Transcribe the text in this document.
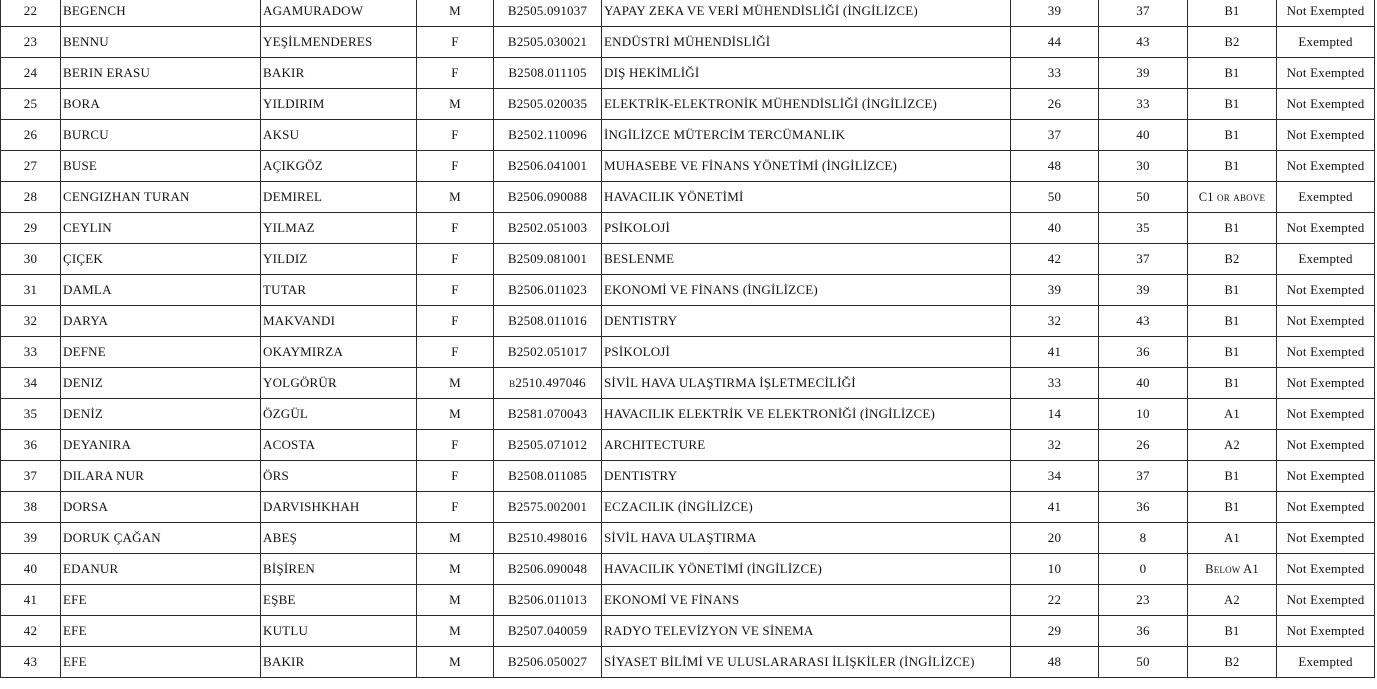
22	BEGENCH	AGAMURADOW	M	B2505.091037	YAPAY ZEKA VE VERİ MÜHENDİSLİĞİ (İNGİLİZCE)	39	37	B1	Not Exempted
23	BENNU	YEŞİLMENDERES	F	B2505.030021	ENDÜSTRİ MÜHENDİSLİĞİ	44	43	B2	Exempted
24	BERIN ERASU	BAKIR	F	B2508.011105	DIŞ HEKİMLİĞİ	33	39	B1	Not Exempted
25	BORA	YILDIRIM	M	B2505.020035	ELEKTRİK-ELEKTRONİK MÜHENDİSLİĞİ (İNGİLİZCE)	26	33	B1	Not Exempted
26	BURCU	AKSU	F	B2502.110096	İNGİLİZCE MÜTERCİM TERCÜMANLIK	37	40	B1	Not Exempted
27	BUSE	AÇIKGÖZ	F	B2506.041001	MUHASEBE VE FİNANS YÖNETİMİ (İNGİLİZCE)	48	30	B1	Not Exempted
28	CENGIZHAN TURAN	DEMIREL	M	B2506.090088	HAVACILIK YÖNETİMİ	50	50	C1 or above	Exempted
29	CEYLIN	YILMAZ	F	B2502.051003	PSİKOLOJİ	40	35	B1	Not Exempted
30	ÇIÇEK	YILDIZ	F	B2509.081001	BESLENME	42	37	B2	Exempted
31	DAMLA	TUTAR	F	B2506.011023	EKONOMİ VE FİNANS (İNGİLİZCE)	39	39	B1	Not Exempted
32	DARYA	MAKVANDI	F	B2508.011016	DENTISTRY	32	43	B1	Not Exempted
33	DEFNE	OKAYMIRZA	F	B2502.051017	PSİKOLOJİ	41	36	B1	Not Exempted
34	DENIZ	YOLGÖRÜR	M	b2510.497046	SİVİL HAVA ULAŞTIRMA İŞLETMECİLİĞİ	33	40	B1	Not Exempted
35	DENİZ	ÖZGÜL	M	B2581.070043	HAVACILIK ELEKTRİK VE ELEKTRONİĞİ (İNGİLİZCE)	14	10	A1	Not Exempted
36	DEYANIRA	ACOSTA	F	B2505.071012	ARCHITECTURE	32	26	A2	Not Exempted
37	DILARA NUR	ÖRS	F	B2508.011085	DENTISTRY	34	37	B1	Not Exempted
38	DORSA	DARVISHKHAH	F	B2575.002001	ECZACILIK (İNGİLİZCE)	41	36	B1	Not Exempted
39	DORUK ÇAĞAN	ABEŞ	M	B2510.498016	SİVİL HAVA ULAŞTIRMA	20	8	A1	Not Exempted
40	EDANUR	BİŞİREN	M	B2506.090048	HAVACILIK YÖNETİMİ (İNGİLİZCE)	10	0	Below A1	Not Exempted
41	EFE	EŞBE	M	B2506.011013	EKONOMİ VE FİNANS	22	23	A2	Not Exempted
42	EFE	KUTLU	M	B2507.040059	RADYO TELEVİZYON VE SİNEMA	29	36	B1	Not Exempted
43	EFE	BAKIR	M	B2506.050027	SİYASET BİLİMİ VE ULUSLARARASI İLİŞKİLER (İNGİLİZCE)	48	50	B2	Exempted
